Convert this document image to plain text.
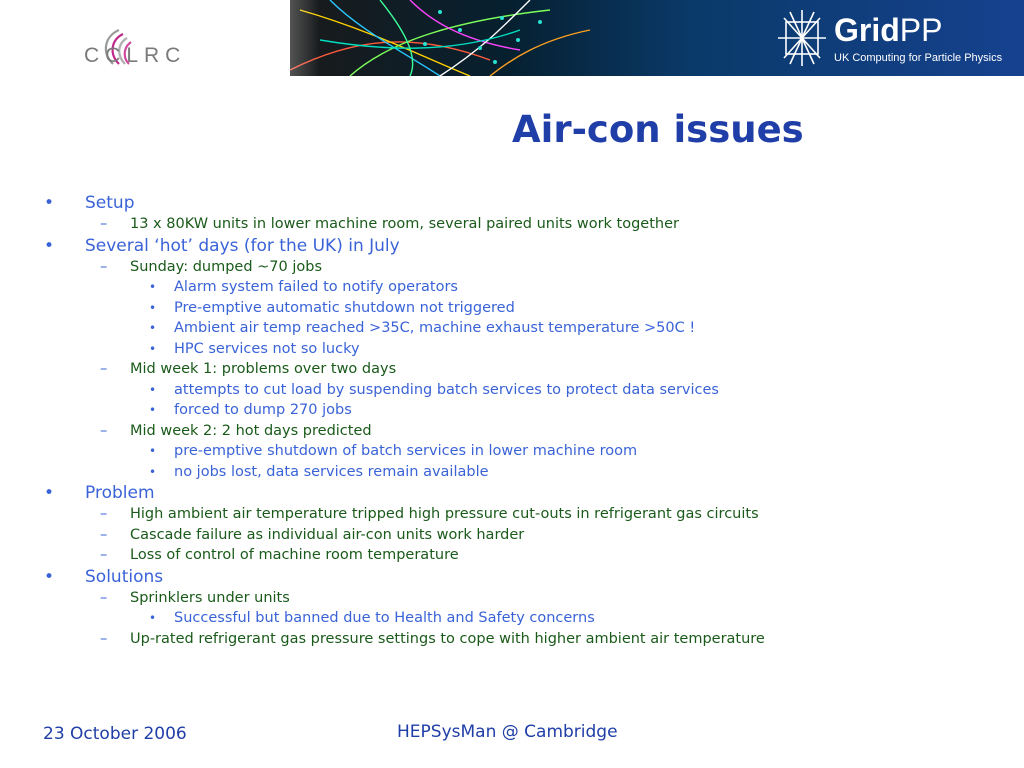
CCLRC
GridPP
UK Computing for Particle Physics
Air-con issues
• Setup
– 13 x 80KW units in lower machine room, several paired units work together
• Several ‘hot’ days (for the UK) in July
– Sunday: dumped ~70 jobs
• Alarm system failed to notify operators
• Pre-emptive automatic shutdown not triggered
• Ambient air temp reached >35C, machine exhaust temperature >50C !
• HPC services not so lucky
– Mid week 1: problems over two days
• attempts to cut load by suspending batch services to protect data services
• forced to dump 270 jobs
– Mid week 2: 2 hot days predicted
• pre-emptive shutdown of batch services in lower machine room
• no jobs lost, data services remain available
• Problem
– High ambient air temperature tripped high pressure cut-outs in refrigerant gas circuits
– Cascade failure as individual air-con units work harder
– Loss of control of machine room temperature
• Solutions
– Sprinklers under units
• Successful but banned due to Health and Safety concerns
– Up-rated refrigerant gas pressure settings to cope with higher ambient air temperature
23 October 2006	HEPSysMan @ Cambridge
